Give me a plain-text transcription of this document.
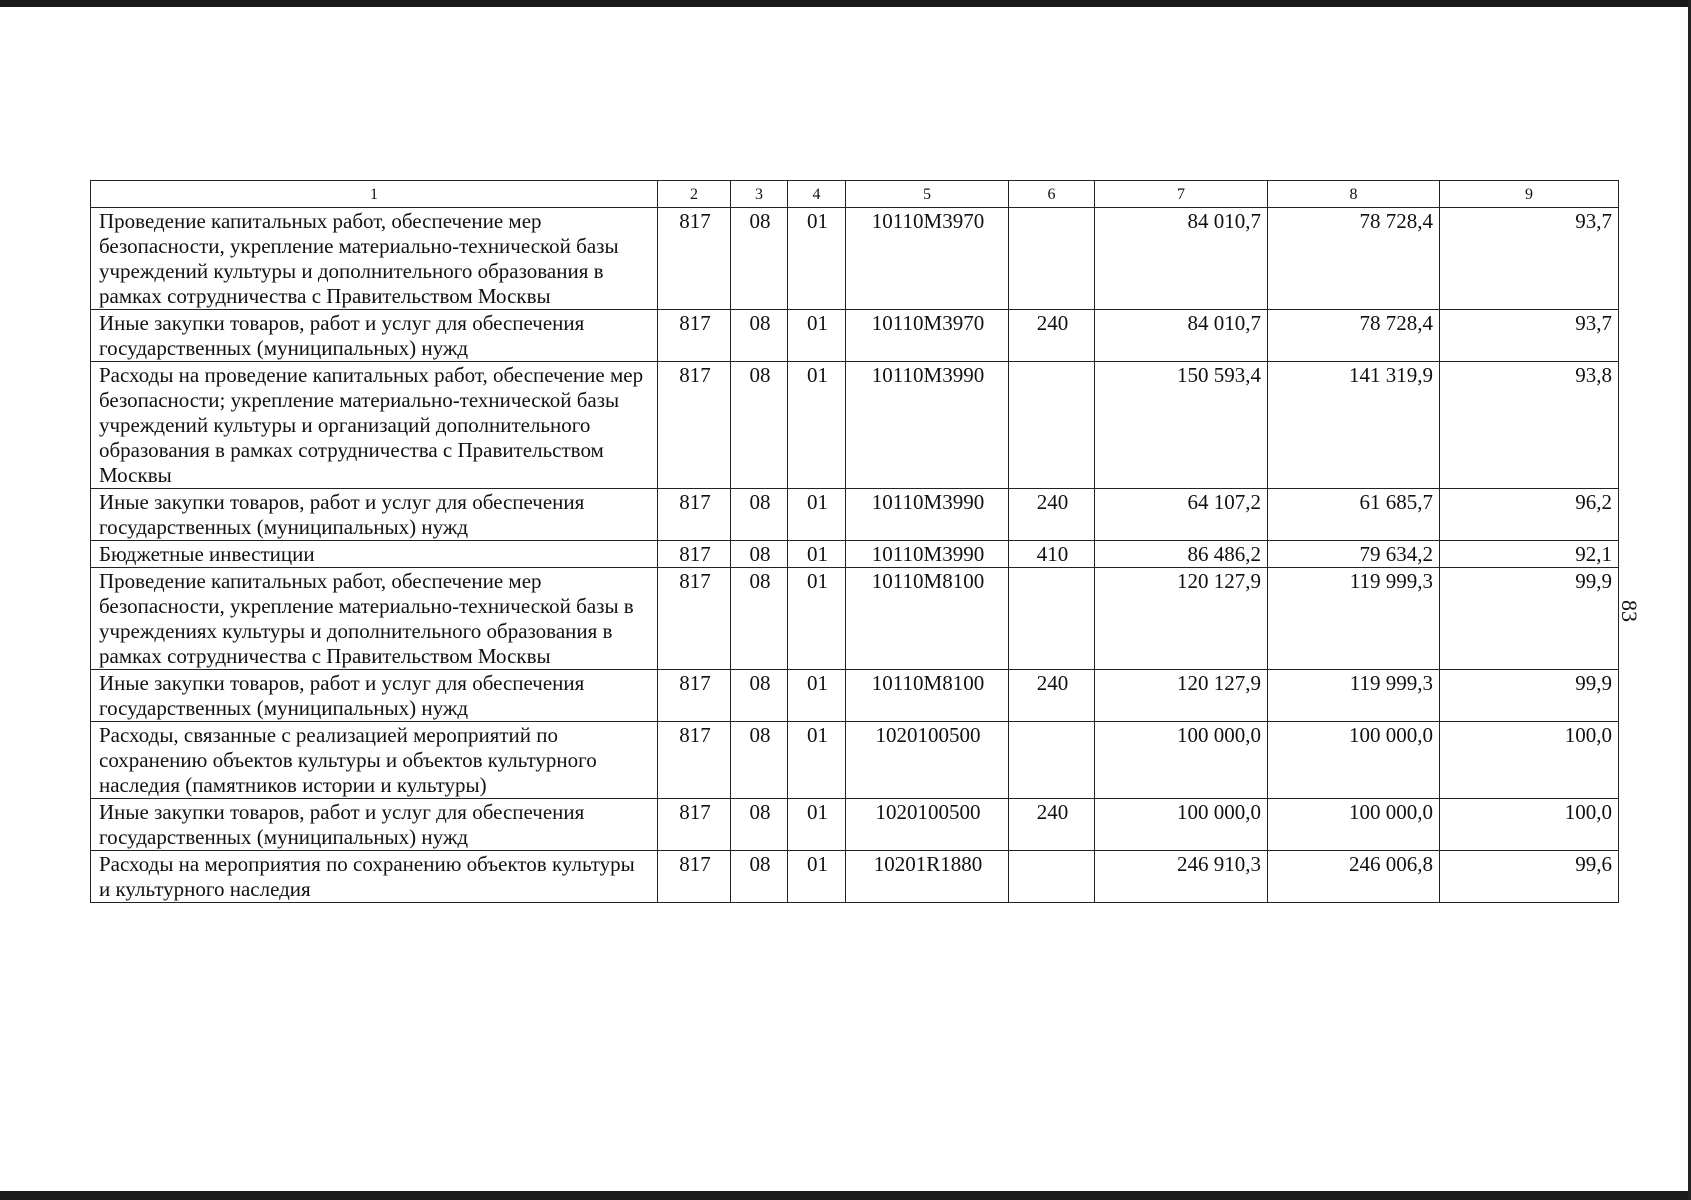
83
1	2	3	4	5	6	7	8	9
Проведение капитальных работ, обеспечение мер безопасности, укрепление материально-технической базы учреждений культуры и дополнительного образования в рамках сотрудничества с Правительством Москвы	817	08	01	10110М3970		84 010,7	78 728,4	93,7
Иные закупки товаров, работ и услуг для обеспечения государственных (муниципальных) нужд	817	08	01	10110М3970	240	84 010,7	78 728,4	93,7
Расходы на проведение капитальных работ, обеспечение мер безопасности; укрепление материально-технической базы учреждений культуры и организаций дополнительного образования в рамках сотрудничества с Правительством Москвы	817	08	01	10110М3990		150 593,4	141 319,9	93,8
Иные закупки товаров, работ и услуг для обеспечения государственных (муниципальных) нужд	817	08	01	10110М3990	240	64 107,2	61 685,7	96,2
Бюджетные инвестиции	817	08	01	10110М3990	410	86 486,2	79 634,2	92,1
Проведение капитальных работ, обеспечение мер безопасности, укрепление материально-технической базы в учреждениях культуры и дополнительного образования в рамках сотрудничества с Правительством Москвы	817	08	01	10110М8100		120 127,9	119 999,3	99,9
Иные закупки товаров, работ и услуг для обеспечения государственных (муниципальных) нужд	817	08	01	10110М8100	240	120 127,9	119 999,3	99,9
Расходы, связанные с реализацией мероприятий по сохранению объектов культуры и объектов культурного наследия (памятников истории и культуры)	817	08	01	1020100500		100 000,0	100 000,0	100,0
Иные закупки товаров, работ и услуг для обеспечения государственных (муниципальных) нужд	817	08	01	1020100500	240	100 000,0	100 000,0	100,0
Расходы на мероприятия по сохранению объектов культуры и культурного наследия	817	08	01	10201R1880		246 910,3	246 006,8	99,6
